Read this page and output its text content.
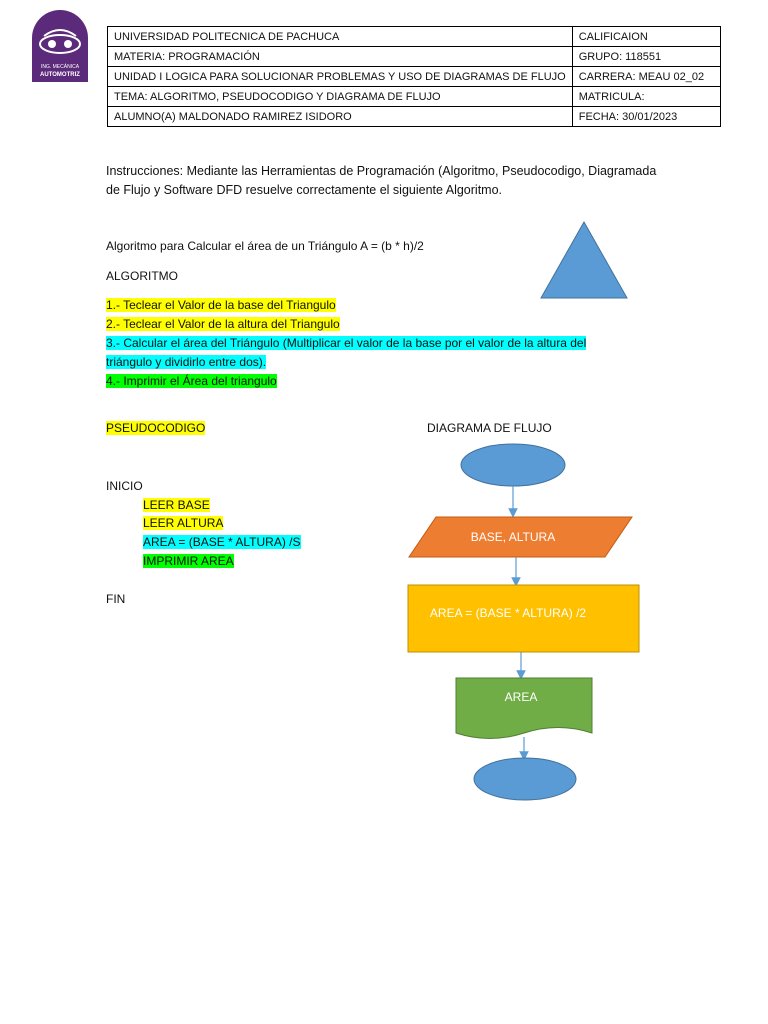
ING. MECÁNICA
AUTOMOTRIZ
UNIVERSIDAD POLITECNICA DE PACHUCA	CALIFICAION
MATERIA: PROGRAMACIÓN	GRUPO: 118551
UNIDAD I LOGICA PARA SOLUCIONAR PROBLEMAS Y USO DE DIAGRAMAS DE FLUJO	CARRERA: MEAU 02_02
TEMA: ALGORITMO, PSEUDOCODIGO Y DIAGRAMA DE FLUJO	MATRICULA:
ALUMNO(A) MALDONADO RAMIREZ ISIDORO	FECHA: 30/01/2023
Instrucciones: Mediante las Herramientas de Programación (Algoritmo, Pseudocodigo, Diagramada
de Flujo y Software DFD resuelve correctamente el siguiente Algoritmo.
Algoritmo para Calcular el área de un Triángulo A = (b * h)/2
ALGORITMO
1.- Teclear el Valor de la base del Triangulo
2.- Teclear el Valor de la altura del Triangulo
3.- Calcular el área del Triángulo (Multiplicar el valor de la base por el valor de la altura del
triángulo y dividirlo entre dos).
4.- Imprimir el Área del triangulo
PSEUDOCODIGO
INICIO
LEER BASE
LEER ALTURA
AREA = (BASE * ALTURA) /S
IMPRIMIR AREA
FIN
DIAGRAMA DE FLUJO
BASE, ALTURA
AREA = (BASE * ALTURA) /2
AREA
